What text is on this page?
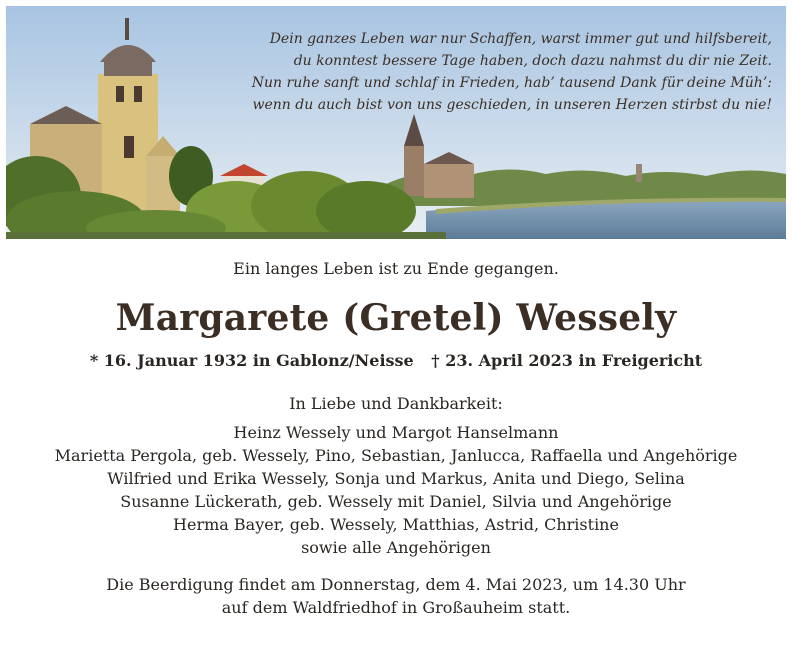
Dein ganzes Leben war nur Schaffen, warst immer gut und hilfsbereit,
du konntest bessere Tage haben, doch dazu nahmst du dir nie Zeit.
Nun ruhe sanft und schlaf in Frieden, hab’ tausend Dank für deine Müh’:
wenn du auch bist von uns geschieden, in unseren Herzen stirbst du nie!
Ein langes Leben ist zu Ende gegangen.
Margarete (Gretel) Wessely
* 16. Januar 1932 in Gablonz/Neisse † 23. April 2023 in Freigericht
In Liebe und Dankbarkeit:
Heinz Wessely und Margot Hanselmann
Marietta Pergola, geb. Wessely, Pino, Sebastian, Janlucca, Raffaella und Angehörige
Wilfried und Erika Wessely, Sonja und Markus, Anita und Diego, Selina
Susanne Lückerath, geb. Wessely mit Daniel, Silvia und Angehörige
Herma Bayer, geb. Wessely, Matthias, Astrid, Christine
sowie alle Angehörigen
Die Beerdigung findet am Donnerstag, dem 4. Mai 2023, um 14.30 Uhr
auf dem Waldfriedhof in Großauheim statt.
